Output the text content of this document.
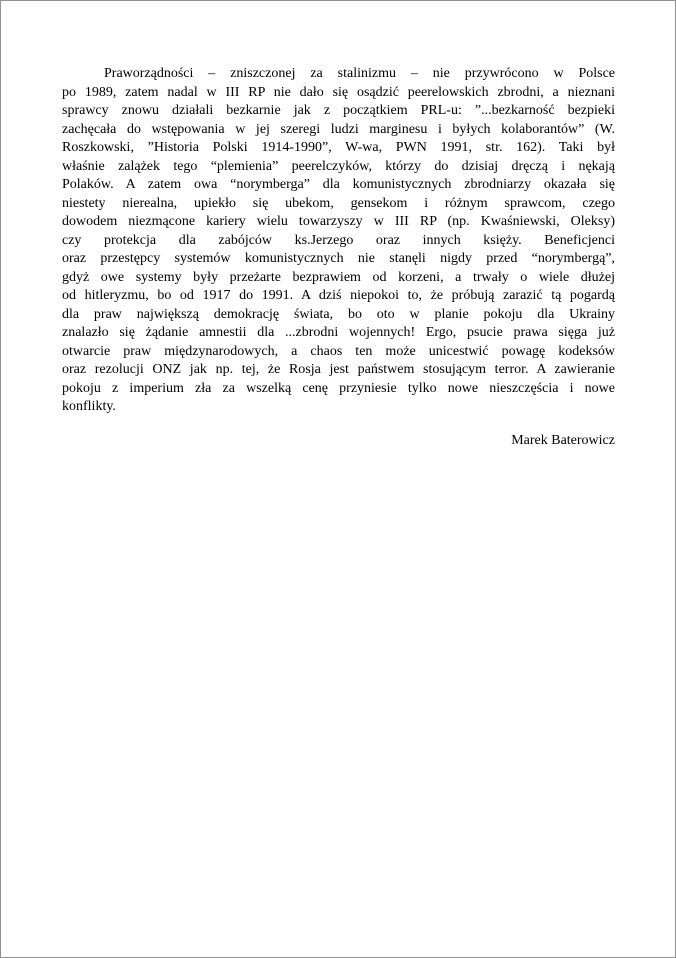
Praworządności – zniszczonej za stalinizmu – nie przywrócono w Polsce
po 1989, zatem nadal w III RP nie dało się osądzić peerelowskich zbrodni, a nieznani
sprawcy znowu działali bezkarnie jak z początkiem PRL-u: ”...bezkarność bezpieki
zachęcała do wstępowania w jej szeregi ludzi marginesu i byłych kolaborantów” (W.
Roszkowski, ”Historia Polski 1914-1990”, W-wa, PWN 1991, str. 162). Taki był
właśnie zalążek tego “plemienia” peerelczyków, którzy do dzisiaj dręczą i nękają
Polaków. A zatem owa “norymberga” dla komunistycznych zbrodniarzy okazała się
niestety nierealna, upiekło się ubekom, gensekom i różnym sprawcom, czego
dowodem niezmącone kariery wielu towarzyszy w III RP (np. Kwaśniewski, Oleksy)
czy protekcja dla zabójców ks.Jerzego oraz innych księży. Beneficjenci
oraz przestępcy systemów komunistycznych nie stanęli nigdy przed “norymbergą”,
gdyż owe systemy były przeżarte bezprawiem od korzeni, a trwały o wiele dłużej
od hitleryzmu, bo od 1917 do 1991. A dziś niepokoi to, że próbują zarazić tą pogardą
dla praw największą demokrację świata, bo oto w planie pokoju dla Ukrainy
znalazło się żądanie amnestii dla ...zbrodni wojennych! Ergo, psucie prawa sięga już
otwarcie praw międzynarodowych, a chaos ten może unicestwić powagę kodeksów
oraz rezolucji ONZ jak np. tej, że Rosja jest państwem stosującym terror. A zawieranie
pokoju z imperium zła za wszelką cenę przyniesie tylko nowe nieszczęścia i nowe
konflikty.
Marek Baterowicz
